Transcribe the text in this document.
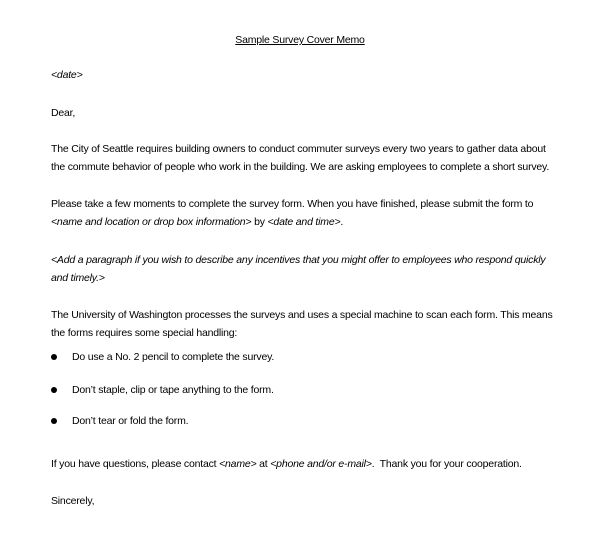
Sample Survey Cover Memo
<date>
Dear,
The City of Seattle requires building owners to conduct commuter surveys every two years to gather data about
the commute behavior of people who work in the building. We are asking employees to complete a short survey.
Please take a few moments to complete the survey form. When you have finished, please submit the form to
<name and location or drop box information> by <date and time>.
<Add a paragraph if you wish to describe any incentives that you might offer to employees who respond quickly
and timely.>
The University of Washington processes the surveys and uses a special machine to scan each form. This means
the forms requires some special handling:
Do use a No. 2 pencil to complete the survey.
Don’t staple, clip or tape anything to the form.
Don’t tear or fold the form.
If you have questions, please contact <name> at <phone and/or e-mail>.  Thank you for your cooperation.
Sincerely,
